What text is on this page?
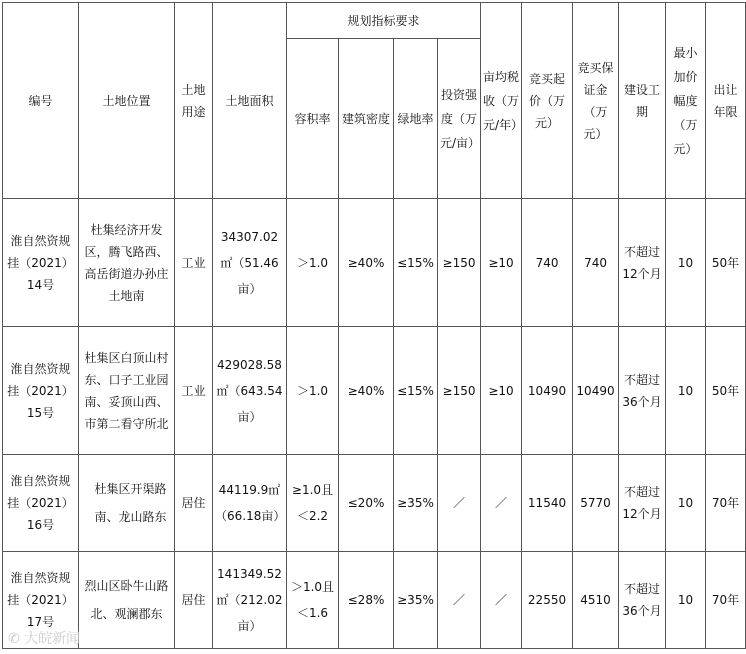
编号	土地位置	土地用途	土地面积	规划指标要求				亩均税收（万元/年）	竞买起价（万元）	竞买保证金（万元）	建设工期	最小加价幅度（万元）	出让年限
				容积率	建筑密度	绿地率	投资强度（万元/亩）						
淮自然资规挂（2021）14号	杜集经济开发区，腾飞路西、高岳街道办孙庄土地南	工业	34307.02㎡（51.46亩）	＞1.0	≥40%	≤15%	≥150	≥10	740	740	不超过12个月	10	50年
淮自然资规挂（2021）15号	杜集区白顶山村东、口子工业园南、妥顶山西、市第二看守所北	工业	429028.58㎡（643.54亩）	＞1.0	≥40%	≤15%	≥150	≥10	10490	10490	不超过36个月	10	50年
淮自然资规挂（2021）16号	杜集区开渠路南、龙山路东	居住	44119.9㎡（66.18亩）	≥1.0且＜2.2	≤20%	≥35%	／	／	11540	5770	不超过12个月	10	70年
淮自然资规挂（2021）17号	烈山区卧牛山路北、观澜郡东	居住	141349.52㎡（212.02亩）	＞1.0且＜1.6	≤28%	≥35%	／	／	22550	4510	不超过36个月	10	70年
✆ 大皖新闻
